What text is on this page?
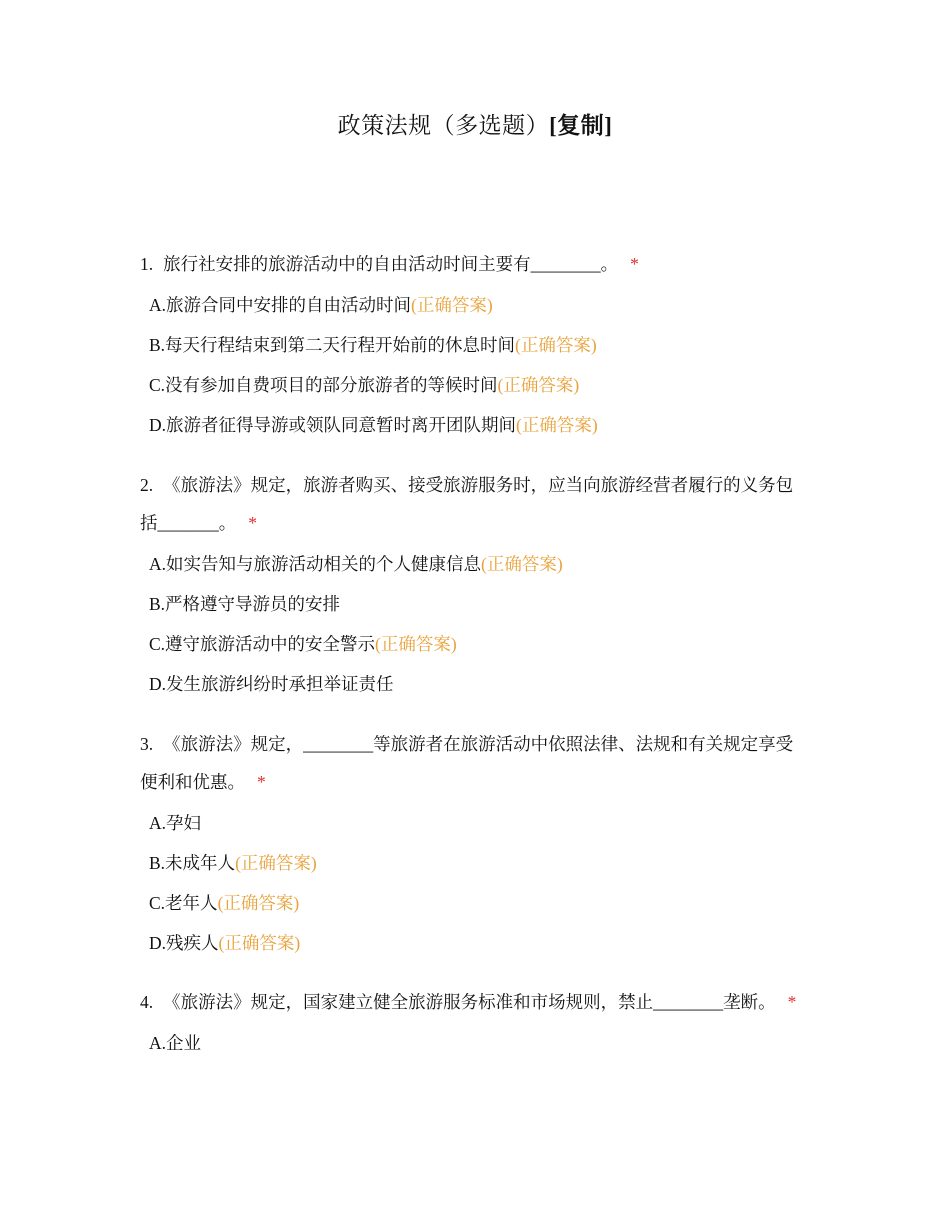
政策法规（多选题）[复制]

1. 旅行社安排的旅游活动中的自由活动时间主要有________。 *

A.旅游合同中安排的自由活动时间(正确答案)
B.每天行程结束到第二天行程开始前的休息时间(正确答案)
C.没有参加自费项目的部分旅游者的等候时间(正确答案)
D.旅游者征得导游或领队同意暂时离开团队期间(正确答案)

2. 《旅游法》规定，旅游者购买、接受旅游服务时，应当向旅游经营者履行的义务包括_______。 *

A.如实告知与旅游活动相关的个人健康信息(正确答案)
B.严格遵守导游员的安排
C.遵守旅游活动中的安全警示(正确答案)
D.发生旅游纠纷时承担举证责任

3. 《旅游法》规定，________等旅游者在旅游活动中依照法律、法规和有关规定享受便利和优惠。 *

A.孕妇
B.未成年人(正确答案)
C.老年人(正确答案)
D.残疾人(正确答案)

4. 《旅游法》规定，国家建立健全旅游服务标准和市场规则，禁止________垄断。 *

A.企业
